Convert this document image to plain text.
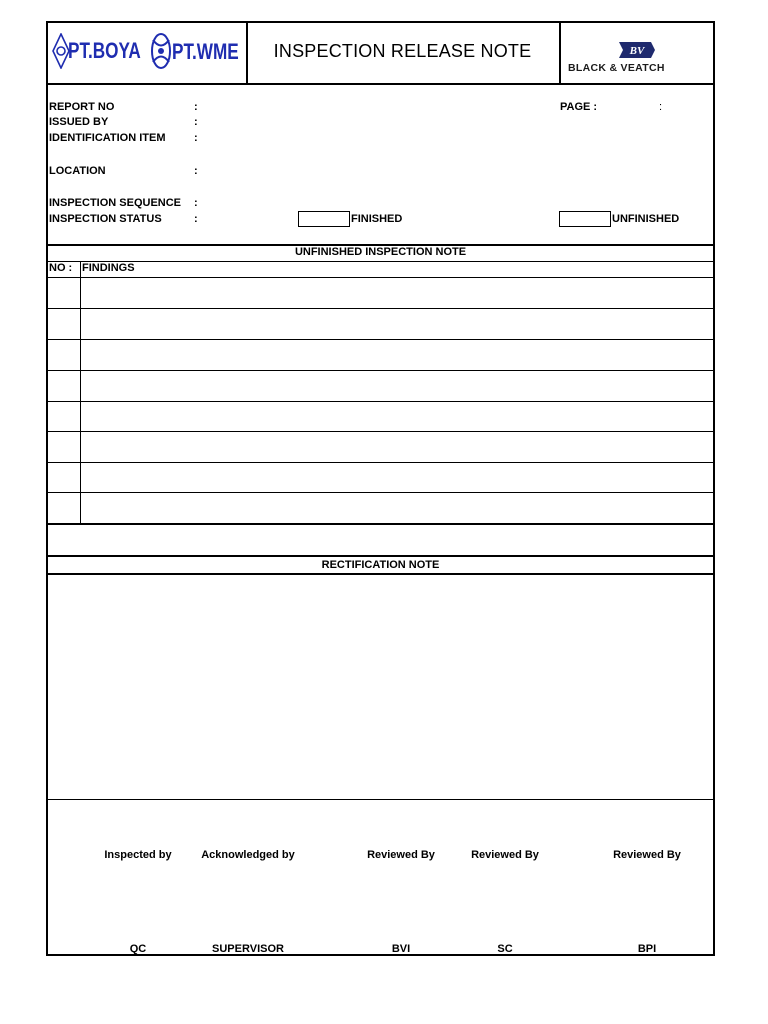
PT.BOYA PT.WME	INSPECTION RELEASE NOTE	BV
BLACK & VEATCH
REPORT NO	:	PAGE :	:
ISSUED BY	:
IDENTIFICATION ITEM	:
LOCATION	:
INSPECTION SEQUENCE :
INSPECTION STATUS	:	FINISHED	UNFINISHED
UNFINISHED INSPECTION NOTE
NO : FINDINGS
RECTIFICATION NOTE
Inspected by	Acknowledged by	Reviewed By	Reviewed By	Reviewed By
QC	SUPERVISOR	BVI	SC	BPI
